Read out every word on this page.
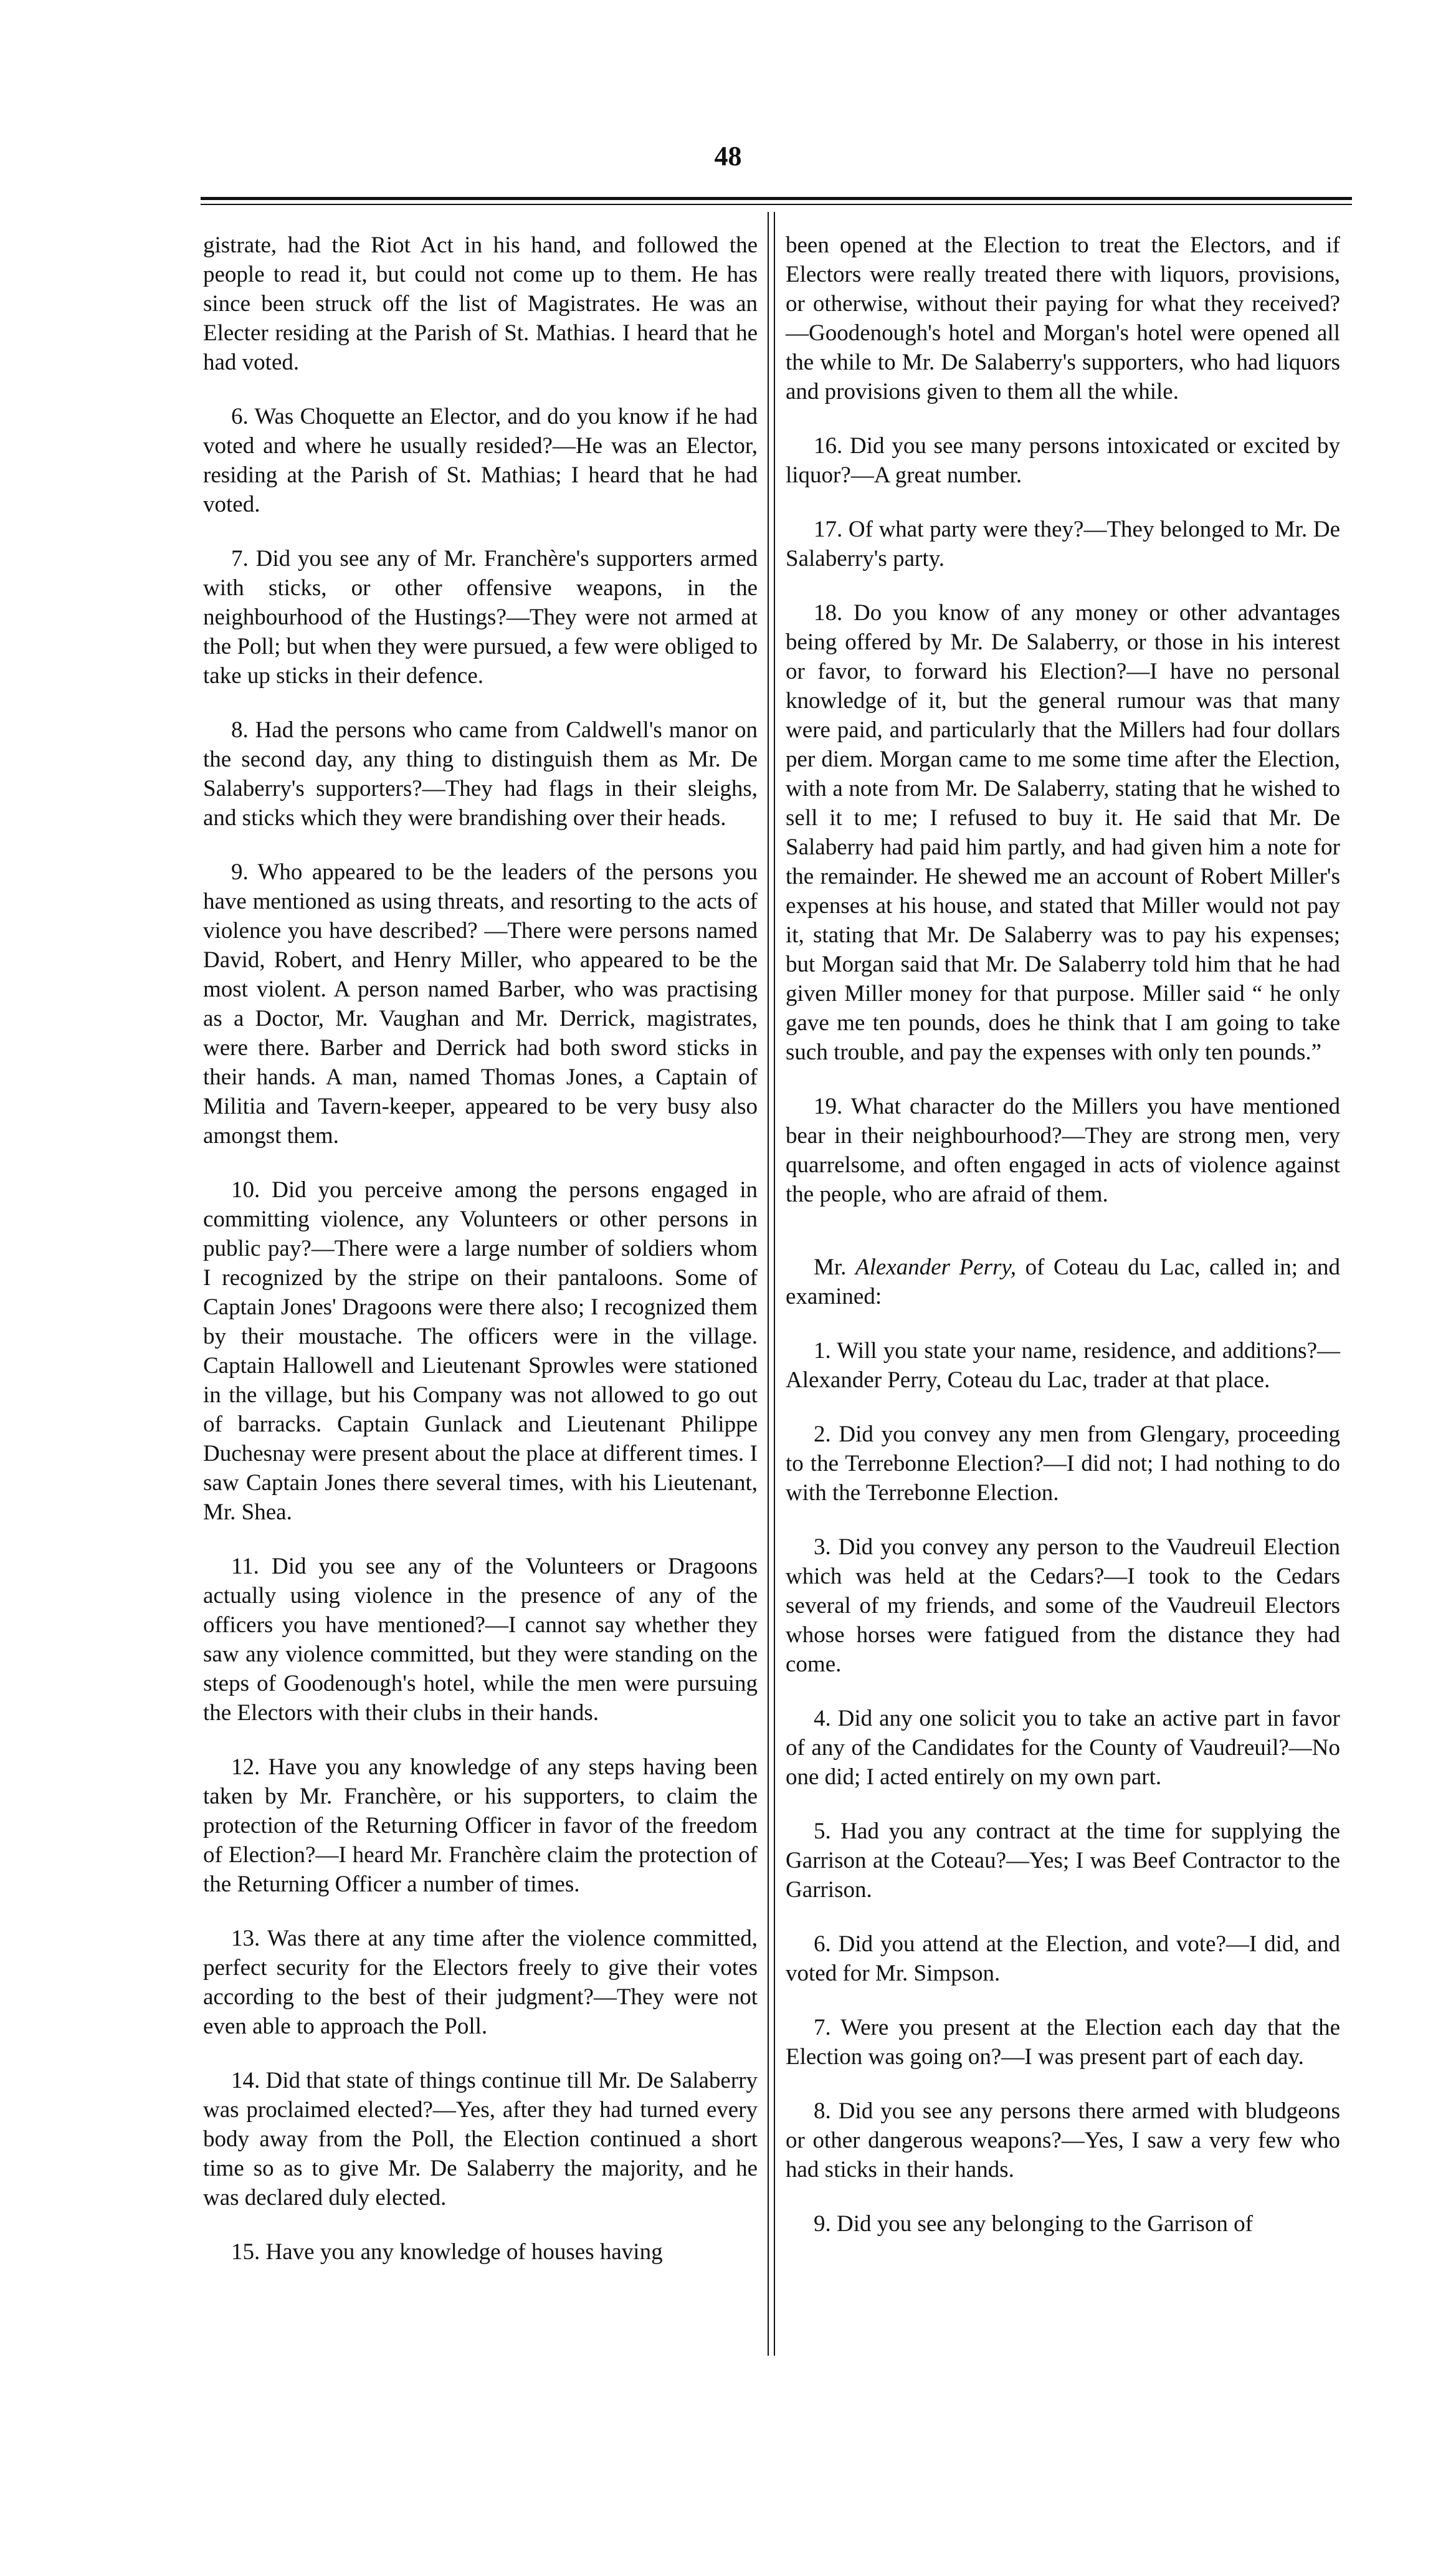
48

gistrate, had the Riot Act in his hand, and followed the people to read it, but could not come up to them. He has since been struck off the list of Magistrates. He was an Electer residing at the Parish of St. Mathias. I heard that he had voted.

6. Was Choquette an Elector, and do you know if he had voted and where he usually resided?—He was an Elector, residing at the Parish of St. Mathias; I heard that he had voted.

7. Did you see any of Mr. Franchère's supporters armed with sticks, or other offensive weapons, in the neighbourhood of the Hustings?—They were not armed at the Poll; but when they were pursued, a few were obliged to take up sticks in their defence.

8. Had the persons who came from Caldwell's manor on the second day, any thing to distinguish them as Mr. De Salaberry's supporters?—They had flags in their sleighs, and sticks which they were brandishing over their heads.

9. Who appeared to be the leaders of the persons you have mentioned as using threats, and resorting to the acts of violence you have described? —There were persons named David, Robert, and Henry Miller, who appeared to be the most violent. A person named Barber, who was practising as a Doctor, Mr. Vaughan and Mr. Derrick, magistrates, were there. Barber and Derrick had both sword sticks in their hands. A man, named Thomas Jones, a Captain of Militia and Tavern-keeper, appeared to be very busy also amongst them.

10. Did you perceive among the persons engaged in committing violence, any Volunteers or other persons in public pay?—There were a large number of soldiers whom I recognized by the stripe on their pantaloons. Some of Captain Jones' Dragoons were there also; I recognized them by their moustache. The officers were in the village. Captain Hallowell and Lieutenant Sprowles were stationed in the village, but his Company was not allowed to go out of barracks. Captain Gunlack and Lieutenant Philippe Duchesnay were present about the place at different times. I saw Captain Jones there several times, with his Lieutenant, Mr. Shea.

11. Did you see any of the Volunteers or Dragoons actually using violence in the presence of any of the officers you have mentioned?—I cannot say whether they saw any violence committed, but they were standing on the steps of Goodenough's hotel, while the men were pursuing the Electors with their clubs in their hands.

12. Have you any knowledge of any steps having been taken by Mr. Franchère, or his supporters, to claim the protection of the Returning Officer in favor of the freedom of Election?—I heard Mr. Franchère claim the protection of the Returning Officer a number of times.

13. Was there at any time after the violence committed, perfect security for the Electors freely to give their votes according to the best of their judgment?—They were not even able to approach the Poll.

14. Did that state of things continue till Mr. De Salaberry was proclaimed elected?—Yes, after they had turned every body away from the Poll, the Election continued a short time so as to give Mr. De Salaberry the majority, and he was declared duly elected.

15. Have you any knowledge of houses having

been opened at the Election to treat the Electors, and if Electors were really treated there with liquors, provisions, or otherwise, without their paying for what they received?—Goodenough's hotel and Morgan's hotel were opened all the while to Mr. De Salaberry's supporters, who had liquors and provisions given to them all the while.

16. Did you see many persons intoxicated or excited by liquor?—A great number.

17. Of what party were they?—They belonged to Mr. De Salaberry's party.

18. Do you know of any money or other advantages being offered by Mr. De Salaberry, or those in his interest or favor, to forward his Election?—I have no personal knowledge of it, but the general rumour was that many were paid, and particularly that the Millers had four dollars per diem. Morgan came to me some time after the Election, with a note from Mr. De Salaberry, stating that he wished to sell it to me; I refused to buy it. He said that Mr. De Salaberry had paid him partly, and had given him a note for the remainder. He shewed me an account of Robert Miller's expenses at his house, and stated that Miller would not pay it, stating that Mr. De Salaberry was to pay his expenses; but Morgan said that Mr. De Salaberry told him that he had given Miller money for that purpose. Miller said “ he only gave me ten pounds, does he think that I am going to take such trouble, and pay the expenses with only ten pounds.”

19. What character do the Millers you have mentioned bear in their neighbourhood?—They are strong men, very quarrelsome, and often engaged in acts of violence against the people, who are afraid of them.

Mr. Alexander Perry, of Coteau du Lac, called in; and examined:

1. Will you state your name, residence, and additions?—Alexander Perry, Coteau du Lac, trader at that place.

2. Did you convey any men from Glengary, proceeding to the Terrebonne Election?—I did not; I had nothing to do with the Terrebonne Election.

3. Did you convey any person to the Vaudreuil Election which was held at the Cedars?—I took to the Cedars several of my friends, and some of the Vaudreuil Electors whose horses were fatigued from the distance they had come.

4. Did any one solicit you to take an active part in favor of any of the Candidates for the County of Vaudreuil?—No one did; I acted entirely on my own part.

5. Had you any contract at the time for supplying the Garrison at the Coteau?—Yes; I was Beef Contractor to the Garrison.

6. Did you attend at the Election, and vote?—I did, and voted for Mr. Simpson.

7. Were you present at the Election each day that the Election was going on?—I was present part of each day.

8. Did you see any persons there armed with bludgeons or other dangerous weapons?—Yes, I saw a very few who had sticks in their hands.

9. Did you see any belonging to the Garrison of
